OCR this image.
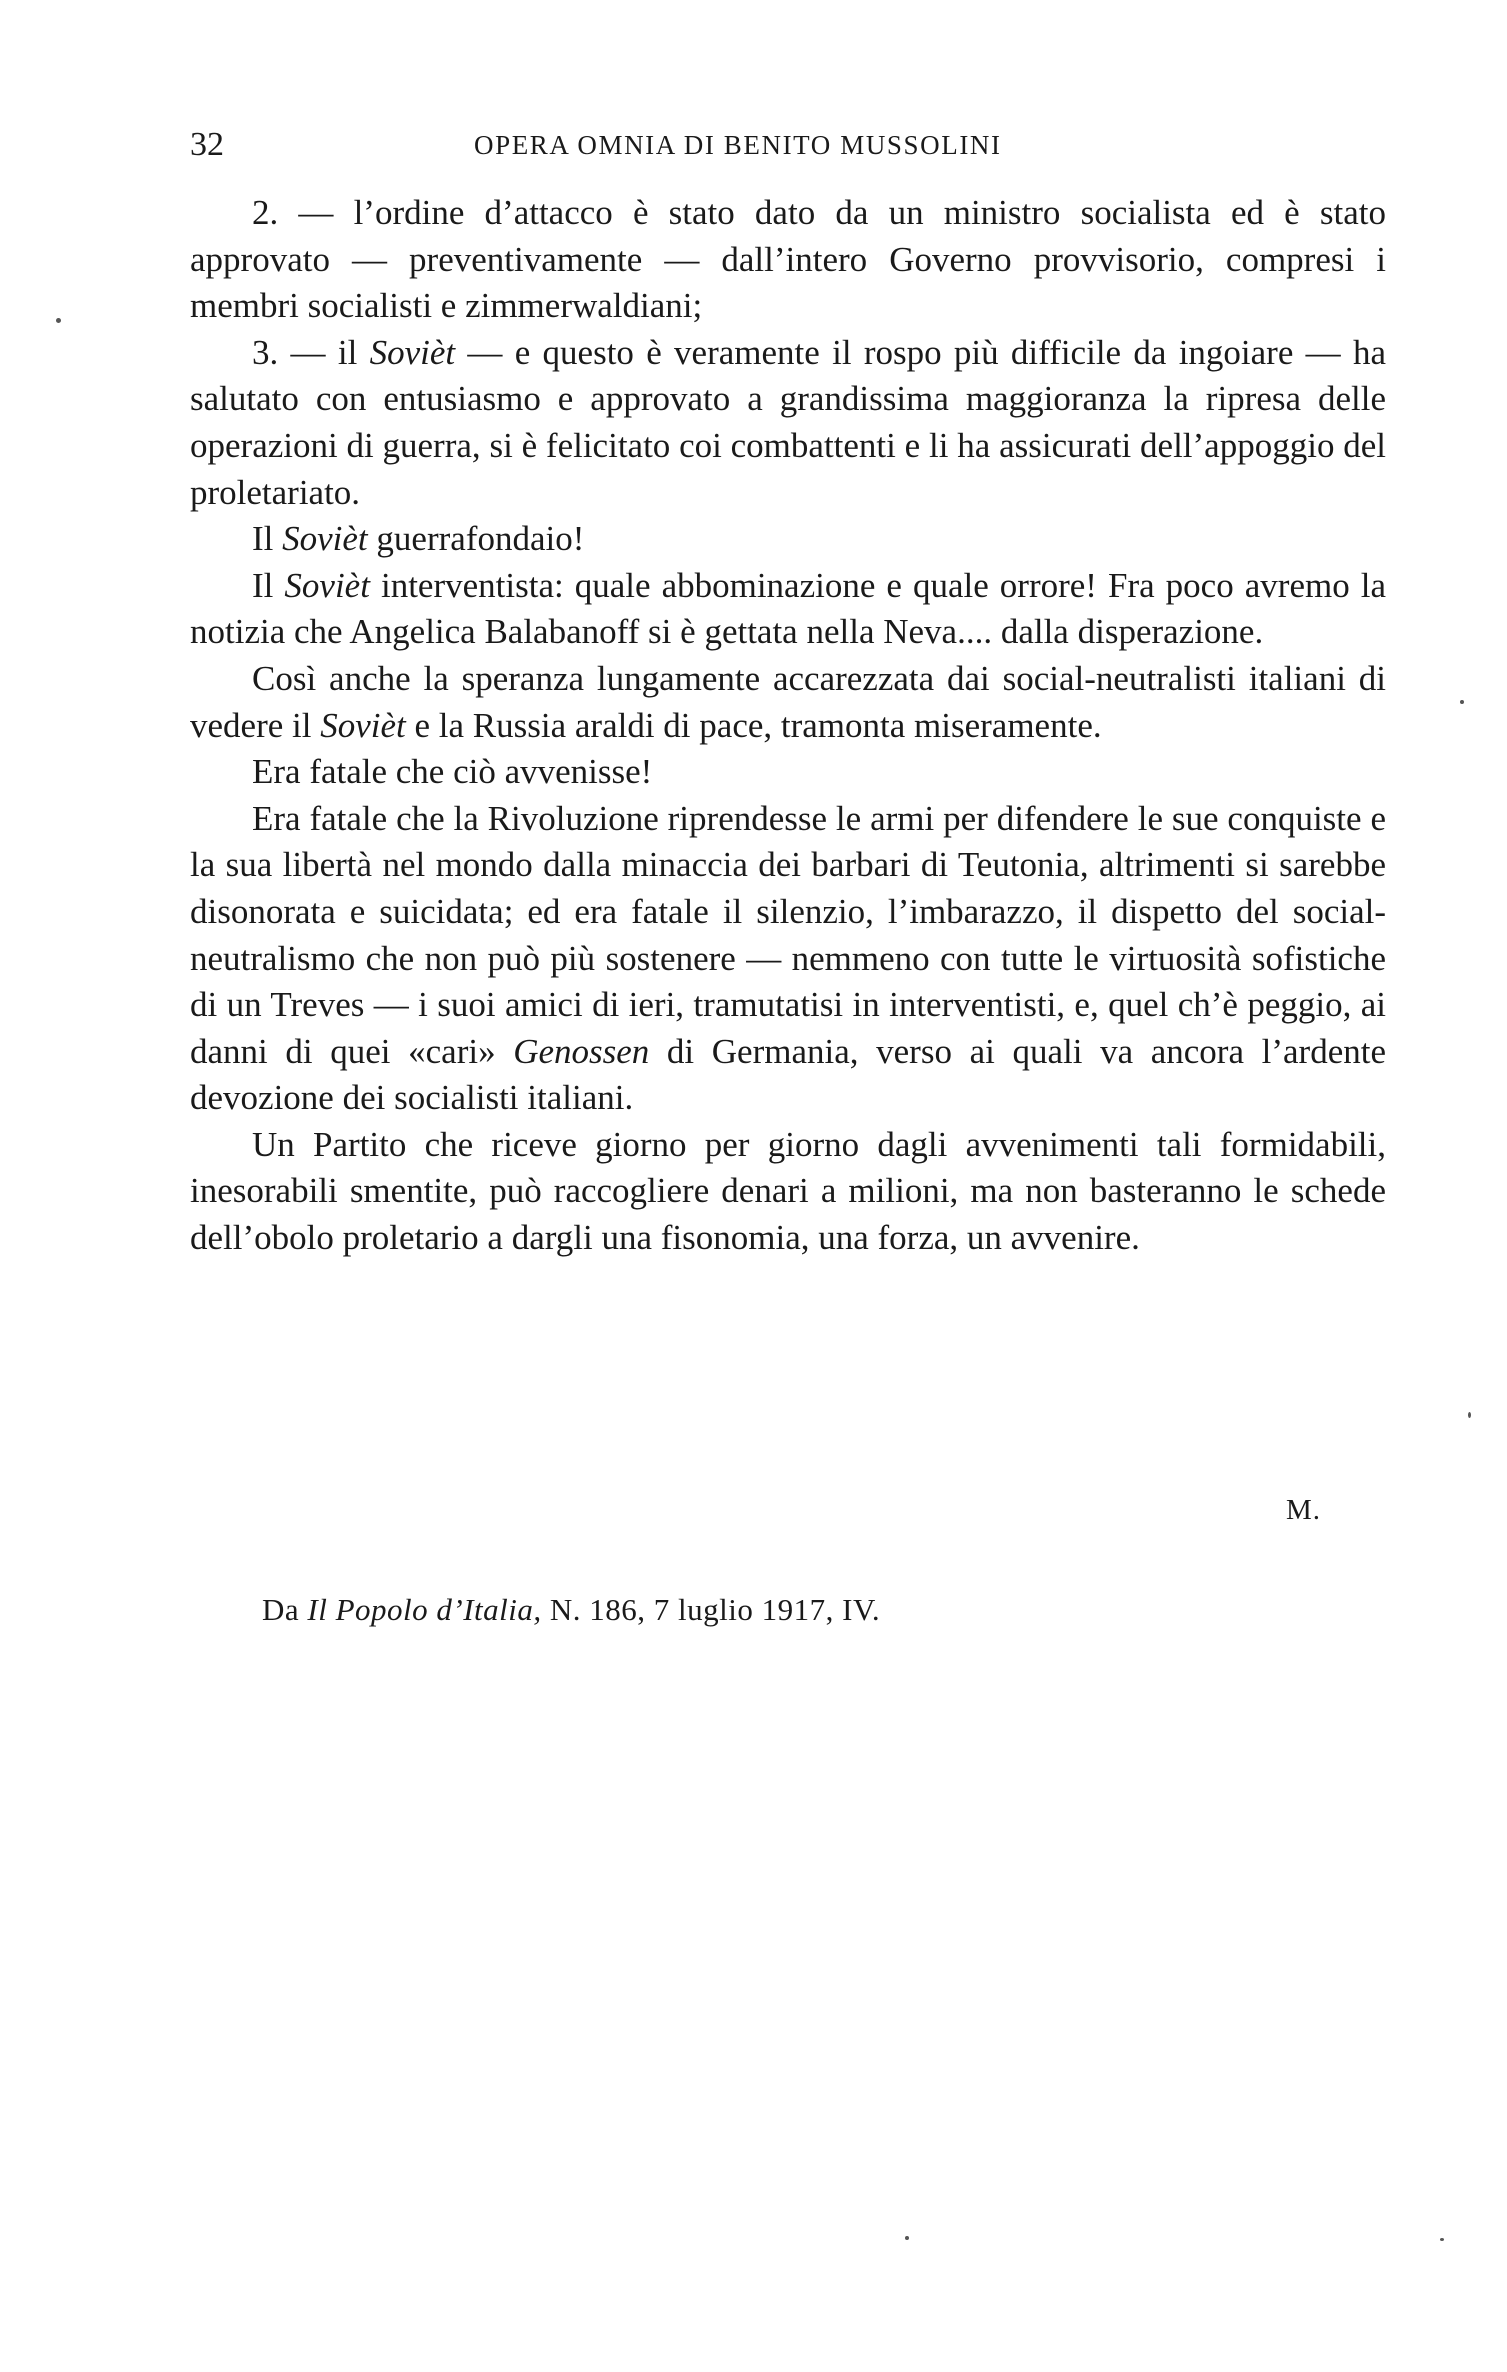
32	OPERA OMNIA DI BENITO MUSSOLINI

2. — l’ordine d’attacco è stato dato da un ministro socialista ed è stato approvato — preventivamente — dall’intero Governo provvisorio, compresi i membri socialisti e zimmerwaldiani;

3. — il Sovièt — e questo è veramente il rospo più difficile da ingoiare — ha salutato con entusiasmo e approvato a grandissima maggioranza la ripresa delle operazioni di guerra, si è felicitato coi combattenti e li ha assicurati dell’appoggio del proletariato.

Il Sovièt guerrafondaio!

Il Sovièt interventista: quale abbominazione e quale orrore! Fra poco avremo la notizia che Angelica Balabanoff si è gettata nella Neva.... dalla disperazione.

Così anche la speranza lungamente accarezzata dai social-neutralisti italiani di vedere il Sovièt e la Russia araldi di pace, tramonta miseramente.

Era fatale che ciò avvenisse!

Era fatale che la Rivoluzione riprendesse le armi per difendere le sue conquiste e la sua libertà nel mondo dalla minaccia dei barbari di Teutonia, altrimenti si sarebbe disonorata e suicidata; ed era fatale il silenzio, l’imbarazzo, il dispetto del social-neutralismo che non può più sostenere — nemmeno con tutte le virtuosità sofistiche di un Treves — i suoi amici di ieri, tramutatisi in interventisti, e, quel ch’è peggio, ai danni di quei «cari» Genossen di Germania, verso ai quali va ancora l’ardente devozione dei socialisti italiani.

Un Partito che riceve giorno per giorno dagli avvenimenti tali formidabili, inesorabili smentite, può raccogliere denari a milioni, ma non basteranno le schede dell’obolo proletario a dargli una fisonomia, una forza, un avvenire.

M.
Da Il Popolo d’Italia, N. 186, 7 luglio 1917, IV.
